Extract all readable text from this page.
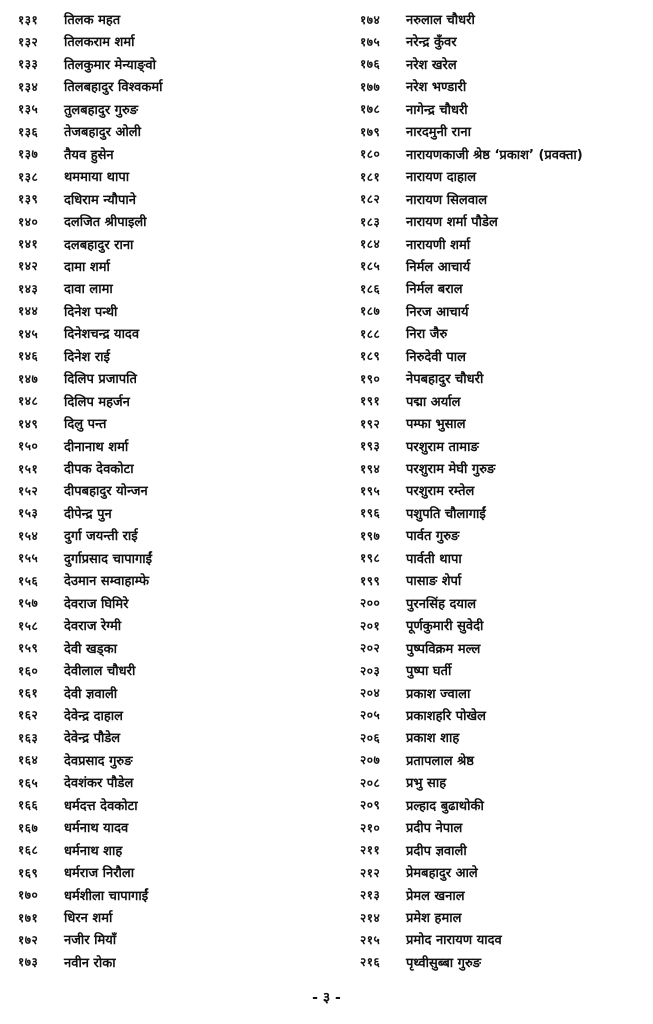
१३१	तिलक महत
१३२	तिलकराम शर्मा
१३३	तिलकुमार मेन्याङ्वो
१३४	तिलबहादुर विश्वकर्मा
१३५	तुलबहादुर गुरुङ
१३६	तेजबहादुर ओली
१३७	तैयव हुसेन
१३८	थममाया थापा
१३९	दधिराम न्यौपाने
१४०	दलजित श्रीपाइली
१४१	दलबहादुर राना
१४२	दामा शर्मा
१४३	दावा लामा
१४४	दिनेश पन्थी
१४५	दिनेशचन्द्र यादव
१४६	दिनेश राई
१४७	दिलिप प्रजापति
१४८	दिलिप महर्जन
१४९	दिलु पन्त
१५०	दीनानाथ शर्मा
१५१	दीपक देवकोटा
१५२	दीपबहादुर योन्जन
१५३	दीपेन्द्र पुन
१५४	दुर्गा जयन्ती राई
१५५	दुर्गाप्रसाद चापागाईं
१५६	देउमान सम्वाहाम्फे
१५७	देवराज घिमिरे
१५८	देवराज रेग्मी
१५९	देवी खड्का
१६०	देवीलाल चौधरी
१६१	देवी ज्ञवाली
१६२	देवेन्द्र दाहाल
१६३	देवेन्द्र पौडेल
१६४	देवप्रसाद गुरुङ
१६५	देवशंकर पौडेल
१६६	धर्मदत्त देवकोटा
१६७	धर्मनाथ यादव
१६८	धर्मनाथ शाह
१६९	धर्मराज निरौला
१७०	धर्मशीला चापागाईं
१७१	धिरन शर्मा
१७२	नजीर मियाँ
१७३	नवीन रोका
१७४	नरुलाल चौधरी
१७५	नरेन्द्र कुँवर
१७६	नरेश खरेल
१७७	नरेश भण्डारी
१७८	नागेन्द्र चौधरी
१७९	नारदमुनी राना
१८०	नारायणकाजी श्रेष्ठ ‘प्रकाश’ (प्रवक्ता)
१८१	नारायण दाहाल
१८२	नारायण सिलवाल
१८३	नारायण शर्मा पौडेल
१८४	नारायणी शर्मा
१८५	निर्मल आचार्य
१८६	निर्मल बराल
१८७	निरज आचार्य
१८८	निरा जैरु
१८९	निरुदेवी पाल
१९०	नेपबहादुर चौधरी
१९१	पद्मा अर्याल
१९२	पम्फा भुसाल
१९३	परशुराम तामाङ
१९४	परशुराम मेघी गुरुङ
१९५	परशुराम रम्तेल
१९६	पशुपति चौलागाईं
१९७	पार्वत गुरुङ
१९८	पार्वती थापा
१९९	पासाङ शेर्पा
२००	पुरनसिंह दयाल
२०१	पूर्णकुमारी सुवेदी
२०२	पुष्पविक्रम मल्ल
२०३	पुष्पा घर्ती
२०४	प्रकाश ज्वाला
२०५	प्रकाशहरि पोखेल
२०६	प्रकाश शाह
२०७	प्रतापलाल श्रेष्ठ
२०८	प्रभु साह
२०९	प्रल्हाद बुढाथोकी
२१०	प्रदीप नेपाल
२११	प्रदीप ज्ञवाली
२१२	प्रेमबहादुर आले
२१३	प्रेमल खनाल
२१४	प्रमेश हमाल
२१५	प्रमोद नारायण यादव
२१६	पृथ्वीसुब्बा गुरुङ
- ३ -
